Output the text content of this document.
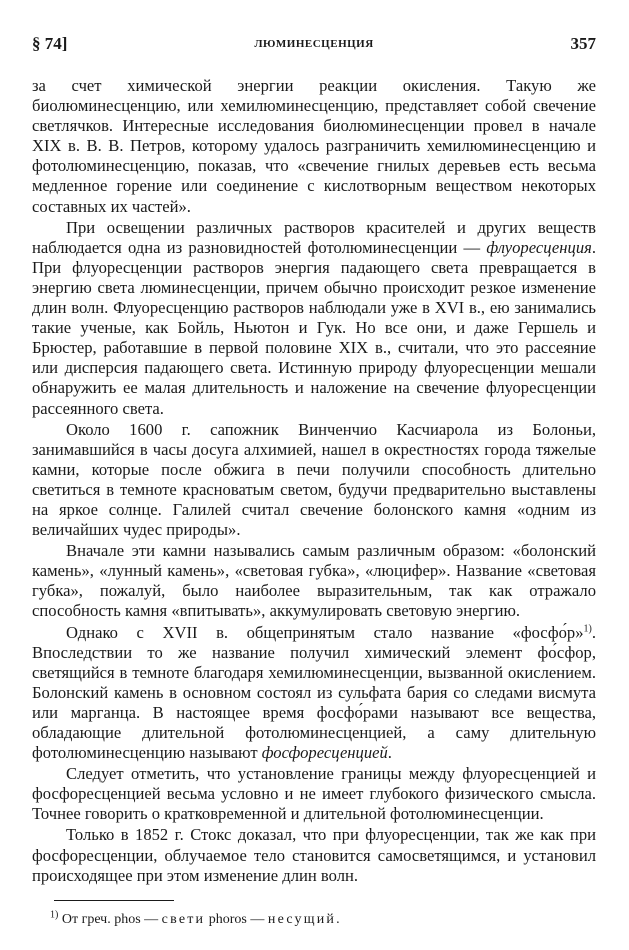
§ 74]	ЛЮМИНЕСЦЕНЦИЯ	357

за счет химической энергии реакции окисления. Такую же биолюминесценцию, или хемилюминесценцию, представляет собой свечение светлячков. Интересные исследования биолюминесценции провел в начале XIX в. В. В. Петров, которому удалось разграничить хемилюминесценцию и фотолюминесценцию, показав, что «свечение гнилых деревьев есть весьма медленное горение или соединение с кислотворным веществом некоторых составных их частей».

При освещении различных растворов красителей и других веществ наблюдается одна из разновидностей фотолюминесценции — флуоресценция. При флуоресценции растворов энергия падающего света превращается в энергию света люминесценции, причем обычно происходит резкое изменение длин волн. Флуоресценцию растворов наблюдали уже в XVI в., ею занимались такие ученые, как Бойль, Ньютон и Гук. Но все они, и даже Гершель и Брюстер, работавшие в первой половине XIX в., считали, что это рассеяние или дисперсия падающего света. Истинную природу флуоресценции мешали обнаружить ее малая длительность и наложение на свечение флуоресценции рассеянного света.

Около 1600 г. сапожник Винченчио Касчиарола из Болоньи, занимавшийся в часы досуга алхимией, нашел в окрестностях города тяжелые камни, которые после обжига в печи получили способность длительно светиться в темноте красноватым светом, будучи предварительно выставлены на яркое солнце. Галилей считал свечение болонского камня «одним из величайших чудес природы».

Вначале эти камни назывались самым различным образом: «болонский камень», «лунный камень», «световая губка», «люцифер». Название «световая губка», пожалуй, было наиболее выразительным, так как отражало способность камня «впитывать», аккумулировать световую энергию.

Однако с XVII в. общепринятым стало название «фосфо́р»$^{1)}$. Впоследствии то же название получил химический элемент фо́сфор, светящийся в темноте благодаря хемилюминесценции, вызванной окислением. Болонский камень в основном состоял из сульфата бария со следами висмута или марганца. В настоящее время фосфо́рами называют все вещества, обладающие длительной фотолюминесценцией, а саму длительную фотолюминесценцию называют фосфоресценцией.

Следует отметить, что установление границы между флуоресценцией и фосфоресценцией весьма условно и не имеет глубокого физического смысла. Точнее говорить о кратковременной и длительной фотолюминесценции.

Только в 1852 г. Стокс доказал, что при флуоресценции, так же как при фосфоресценции, облучаемое тело становится самосветящимся, и установил происходящее при этом изменение длин волн.

$^{1)}$ От греч. phos — свети phoros — несущий.
